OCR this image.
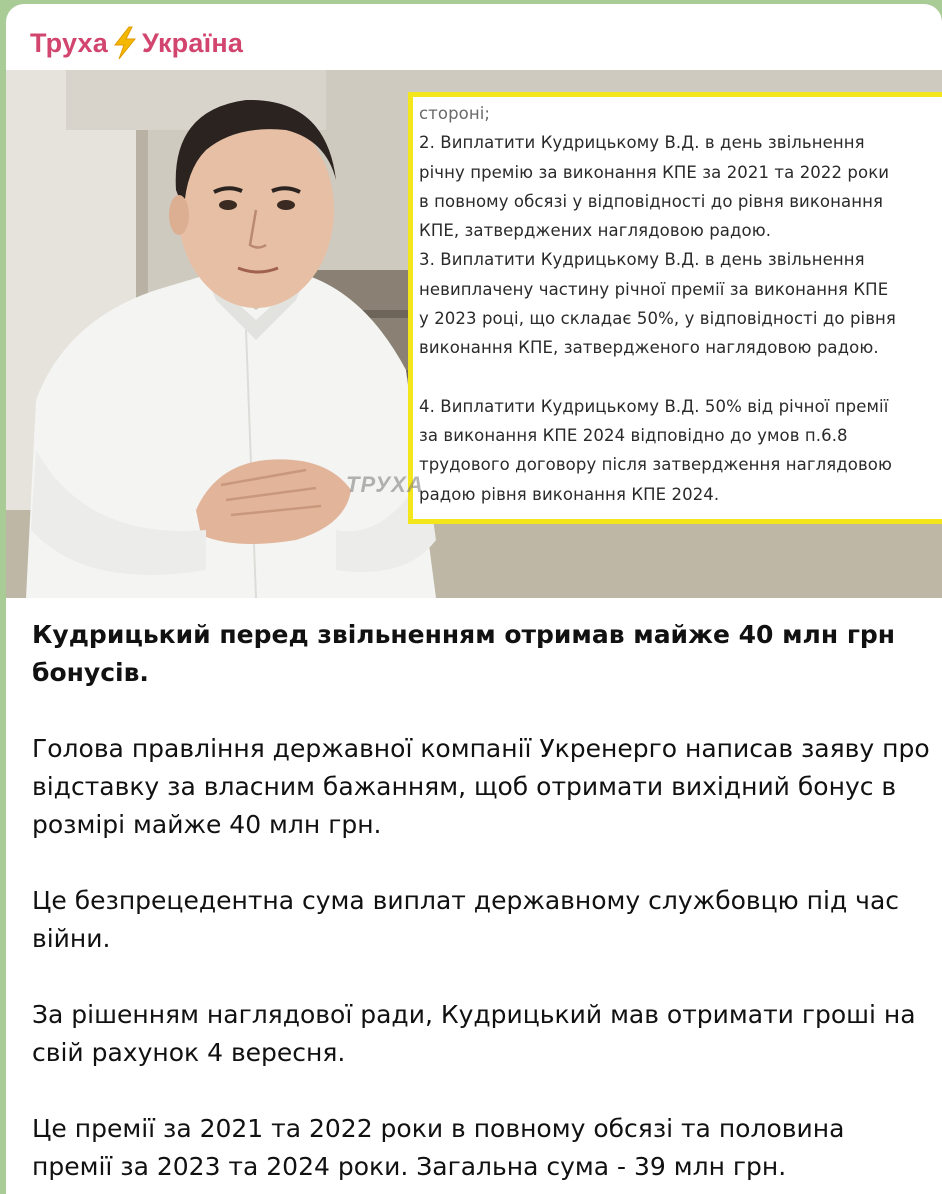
Труха Україна
стороні;
2. Виплатити Кудрицькому В.Д. в день звільнення
річну премію за виконання КПЕ за 2021 та 2022 роки
в повному обсязі у відповідності до рівня виконання
КПЕ, затверджених наглядовою радою.
3. Виплатити Кудрицькому В.Д. в день звільнення
невиплачену частину річної премії за виконання КПЕ
у 2023 році, що складає 50%, у відповідності до рівня
виконання КПЕ, затвердженого наглядовою радою.
4. Виплатити Кудрицькому В.Д. 50% від річної премії
за виконання КПЕ 2024 відповідно до умов п.6.8
трудового договору після затвердження наглядовою
радою рівня виконання КПЕ 2024.
ТРУХА

Кудрицький перед звільненням отримав майже 40 млн грн бонусів.

Голова правління державної компанії Укренерго написав заяву про відставку за власним бажанням, щоб отримати вихідний бонус в розмірі майже 40 млн грн.

Це безпрецедентна сума виплат державному службовцю під час війни.

За рішенням наглядової ради, Кудрицький мав отримати гроші на свій рахунок 4 вересня.

Це премії за 2021 та 2022 роки в повному обсязі та половина премії за 2023 та 2024 роки. Загальна сума - 39 млн грн.
